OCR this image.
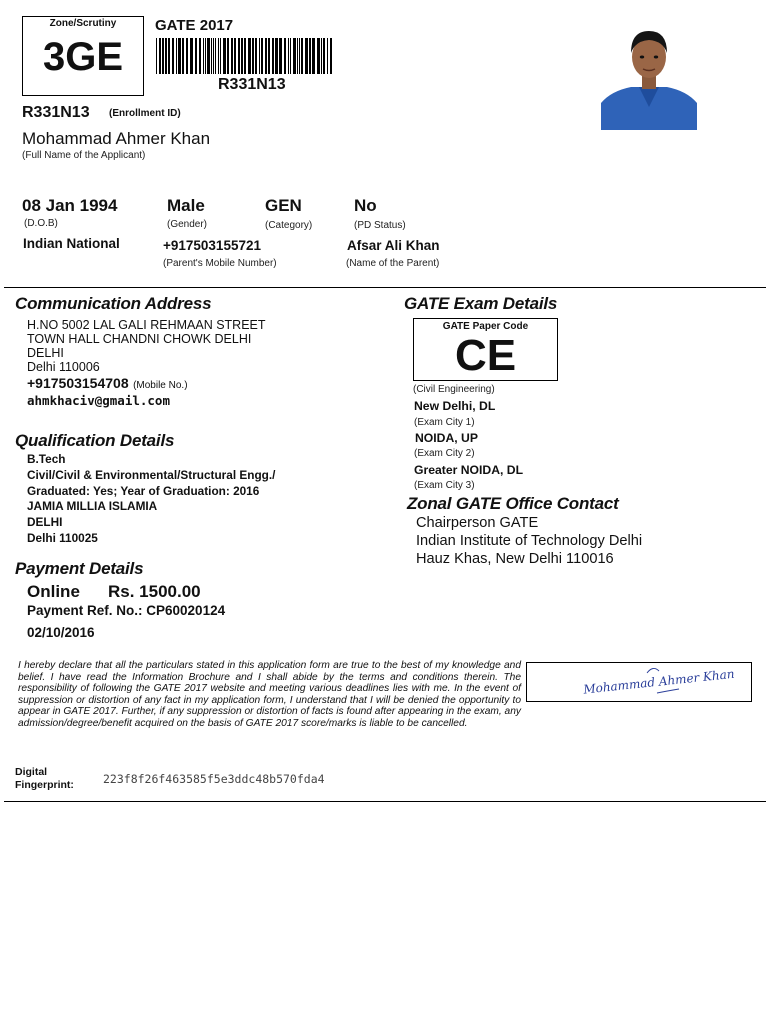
Zone/Scrutiny
3GE
GATE 2017
R331N13
R331N13 (Enrollment ID)
Mohammad Ahmer Khan
(Full Name of the Applicant)
08 Jan 1994
(D.O.B)
Male
(Gender)
GEN
(Category)
No
(PD Status)
Indian National	+917503155721
(Parent's Mobile Number)
Afsar Ali Khan
(Name of the Parent)
Communication Address
H.NO 5002 LAL GALI REHMAAN STREET
TOWN HALL CHANDNI CHOWK DELHI
DELHI
Delhi 110006
+917503154708 (Mobile No.)
ahmkhaciv@gmail.com
Qualification Details
B.Tech
Civil/Civil & Environmental/Structural Engg./
Graduated: Yes; Year of Graduation: 2016
JAMIA MILLIA ISLAMIA
DELHI
Delhi 110025
Payment Details
Online Rs. 1500.00
Payment Ref. No.: CP60020124
02/10/2016
GATE Exam Details
GATE Paper Code
CE
(Civil Engineering)
New Delhi, DL
(Exam City 1)
NOIDA, UP
(Exam City 2)
Greater NOIDA, DL
(Exam City 3)
Zonal GATE Office Contact
Chairperson GATE
Indian Institute of Technology Delhi
Hauz Khas, New Delhi 110016
I hereby declare that all the particulars stated in this application form are true to the best of my knowledge and belief. I have read the Information Brochure and I shall abide by the terms and conditions therein. The responsibility of following the GATE 2017 website and meeting various deadlines lies with me. In the event of suppression or distortion of any fact in my application form, I understand that I will be denied the opportunity to appear in GATE 2017. Further, if any suppression or distortion of facts is found after appearing in the exam, any admission/degree/benefit acquired on the basis of GATE 2017 score/marks is liable to be cancelled.
Mohammad Ahmer Khan
Digital
Fingerprint:	223f8f26f463585f5e3ddc48b570fda4
